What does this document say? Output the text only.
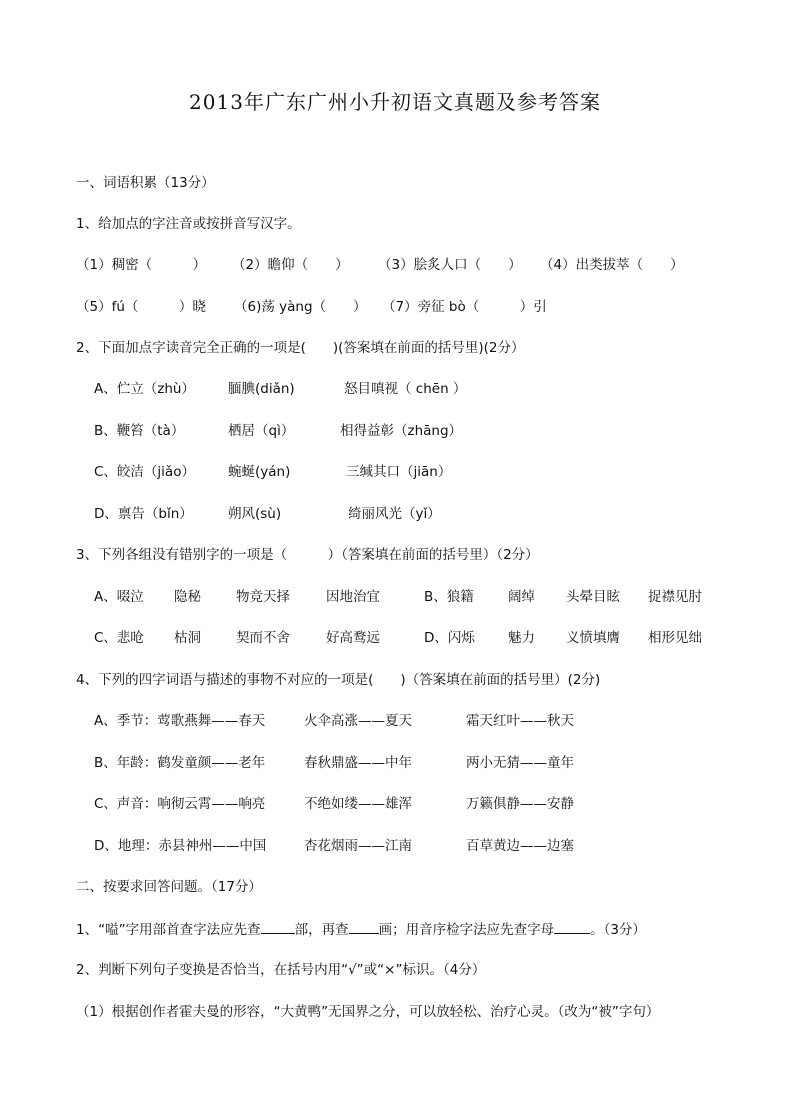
2013年广东广州小升初语文真题及参考答案
一、词语积累（13分）
1、给加点的字注音或按拼音写汉字。
（1）稠密（　　　） （2）瞻仰（　　） （3）脍炙人口（　　） （4）出类拔萃（　　）
（5）fú（　　　）晓 （6)荡 yàng（　　） （7）旁征 bò（　　　）引
2、下面加点字读音完全正确的一项是(　　)(答案填在前面的括号里)(2分）
A、伫立（zhù） 腼腆(diǎn)	怒目嗔视（ chēn ）
B、鞭笞（tà）	栖居（qì）	相得益彰（zhāng）
C、皎洁（jiǎo） 蜿蜒(yán)	三缄其口（jiān）
D、禀告（bǐn）	朔风(sù)	绮丽风光（yǐ）
3、下列各组没有错别字的一项是（　　　）（答案填在前面的括号里）（2分）
A、啜泣 隐秘	物竞天择	因地治宜	B、狼籍	阔绰 头晕目眩 捉襟见肘
C、悲呛 枯洞	契而不舍	好高鹜远	D、闪烁 魅力 义愤填膺 相形见绌
4、下列的四字词语与描述的事物不对应的一项是(　　)（答案填在前面的括号里）(2分)
A、季节：莺歌燕舞——春天	火伞高涨——夏天	霜天红叶——秋天
B、年龄：鹤发童颜——老年	春秋鼎盛——中年	两小无猜——童年
C、声音：响彻云霄——响亮	不绝如缕——雄浑	万籁俱静——安静
D、地理：赤县神州——中国	杏花烟雨——江南	百草黄边——边塞
二、按要求回答问题。（17分）
1、“嗌”字用部首查字法应先查	部，再查 画；用音序检字法应先查字母	。（3分）
2、判断下列句子变换是否恰当，在括号内用“√”或“×”标识。（4分）
（1）根据创作者霍夫曼的形容，“大黄鸭”无国界之分，可以放轻松、治疗心灵。（改为“被”字句）
